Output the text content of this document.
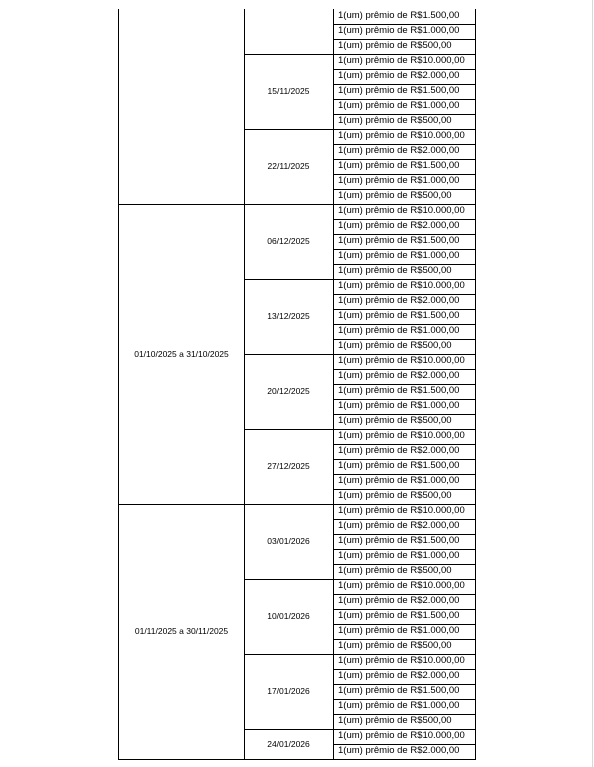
1(um) prêmio de R$1.500,00
1(um) prêmio de R$1.000,00
1(um) prêmio de R$500,00
15/11/2025
1(um) prêmio de R$10.000,00
1(um) prêmio de R$2.000,00
1(um) prêmio de R$1.500,00
1(um) prêmio de R$1.000,00
1(um) prêmio de R$500,00
22/11/2025
1(um) prêmio de R$10.000,00
1(um) prêmio de R$2.000,00
1(um) prêmio de R$1.500,00
1(um) prêmio de R$1.000,00
1(um) prêmio de R$500,00
01/10/2025 a 31/10/2025
06/12/2025
1(um) prêmio de R$10.000,00
1(um) prêmio de R$2.000,00
1(um) prêmio de R$1.500,00
1(um) prêmio de R$1.000,00
1(um) prêmio de R$500,00
13/12/2025
1(um) prêmio de R$10.000,00
1(um) prêmio de R$2.000,00
1(um) prêmio de R$1.500,00
1(um) prêmio de R$1.000,00
1(um) prêmio de R$500,00
20/12/2025
1(um) prêmio de R$10.000,00
1(um) prêmio de R$2.000,00
1(um) prêmio de R$1.500,00
1(um) prêmio de R$1.000,00
1(um) prêmio de R$500,00
27/12/2025
1(um) prêmio de R$10.000,00
1(um) prêmio de R$2.000,00
1(um) prêmio de R$1.500,00
1(um) prêmio de R$1.000,00
1(um) prêmio de R$500,00
01/11/2025 a 30/11/2025
03/01/2026
1(um) prêmio de R$10.000,00
1(um) prêmio de R$2.000,00
1(um) prêmio de R$1.500,00
1(um) prêmio de R$1.000,00
1(um) prêmio de R$500,00
10/01/2026
1(um) prêmio de R$10.000,00
1(um) prêmio de R$2.000,00
1(um) prêmio de R$1.500,00
1(um) prêmio de R$1.000,00
1(um) prêmio de R$500,00
17/01/2026
1(um) prêmio de R$10.000,00
1(um) prêmio de R$2.000,00
1(um) prêmio de R$1.500,00
1(um) prêmio de R$1.000,00
1(um) prêmio de R$500,00
24/01/2026
1(um) prêmio de R$10.000,00
1(um) prêmio de R$2.000,00
